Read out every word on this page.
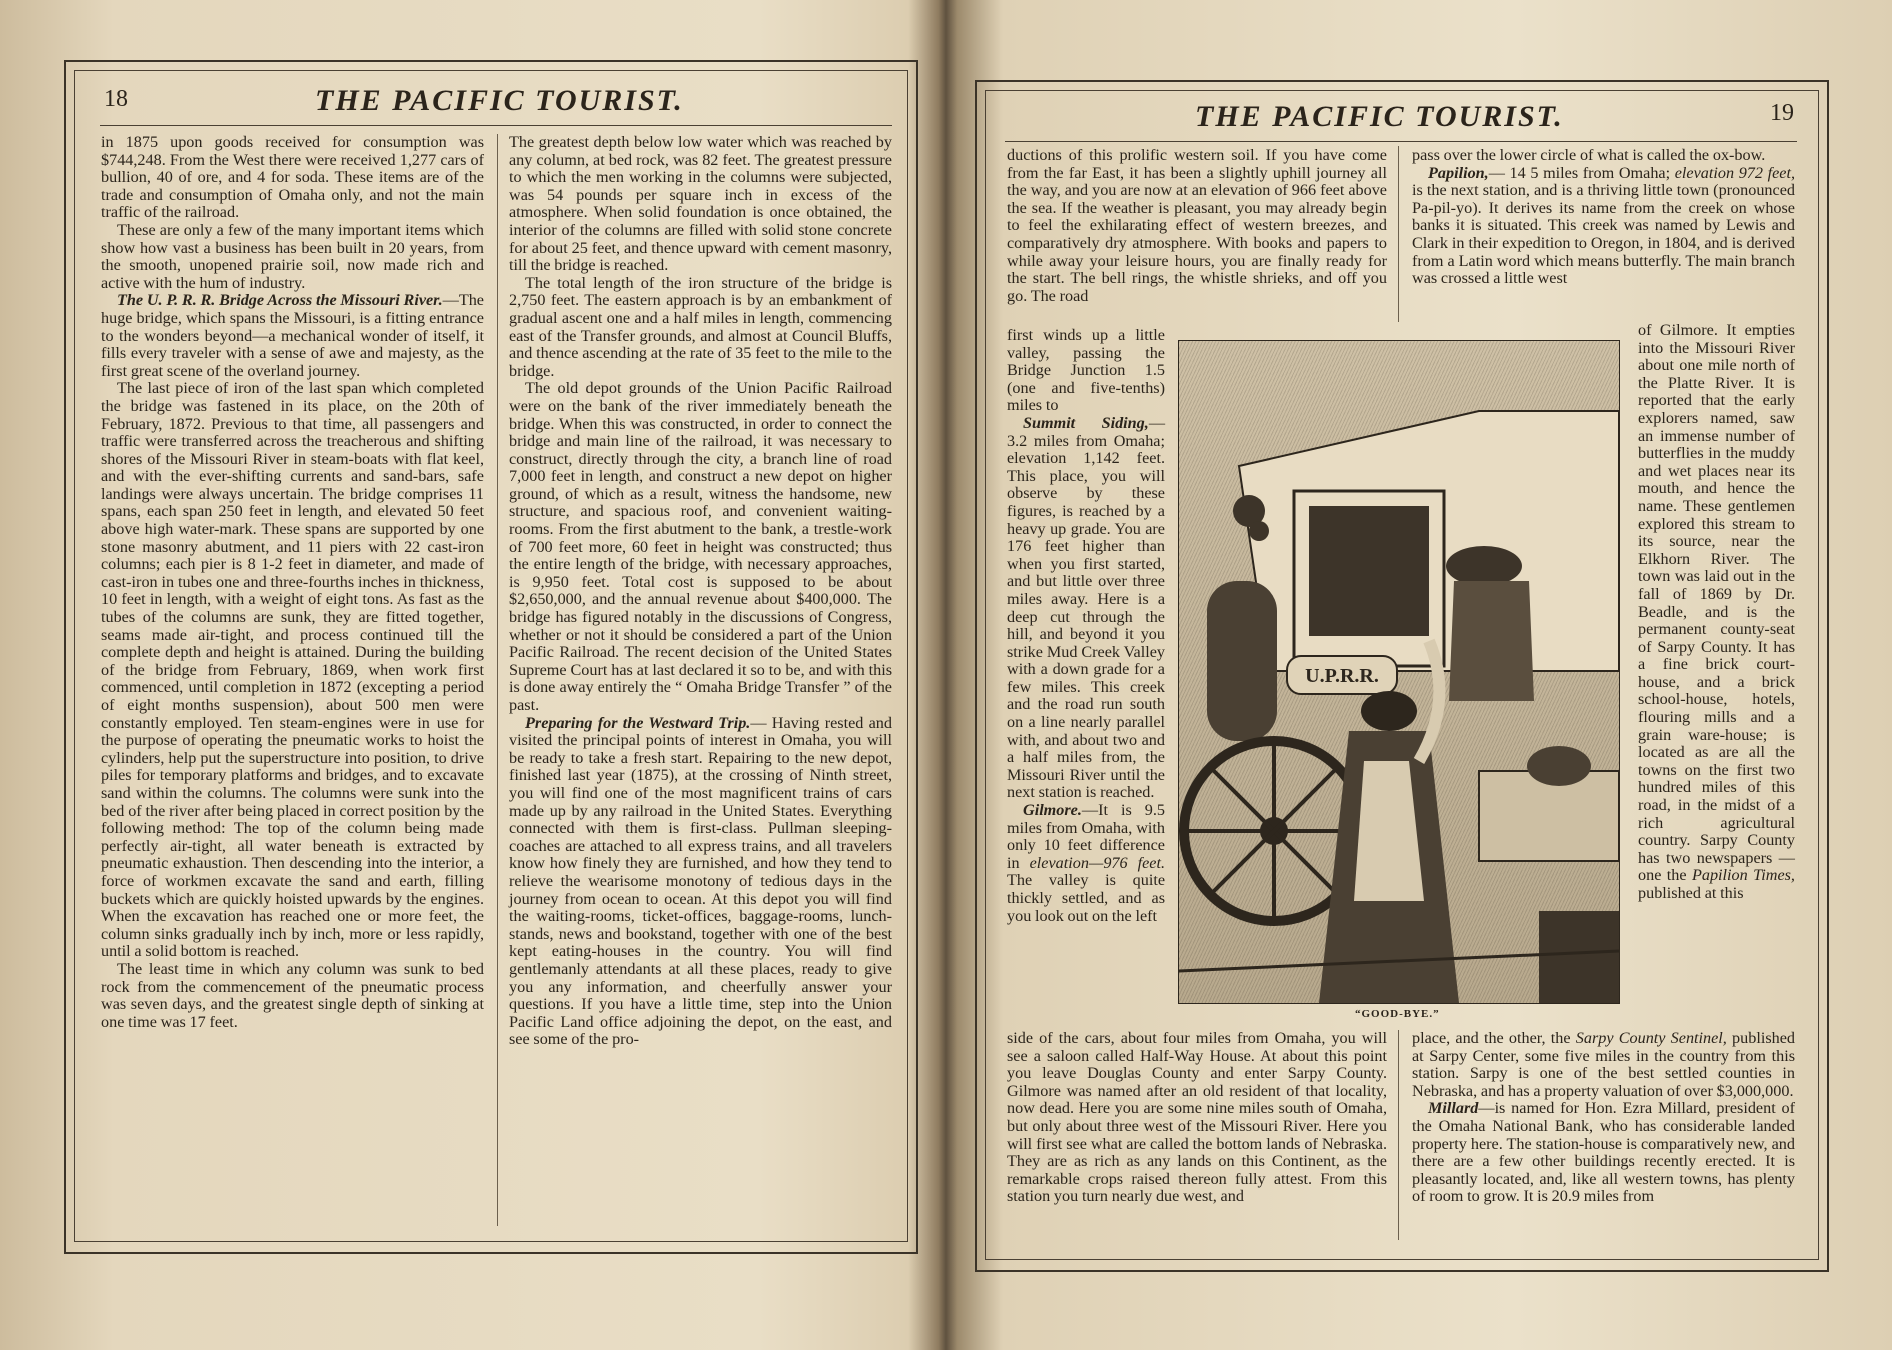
18	THE PACIFIC TOURIST.

in 1875 upon goods received for consumption was $744,248. From the West there were received 1,277 cars of bullion, 40 of ore, and 4 for soda. These items are of the trade and consumption of Omaha only, and not the main traffic of the railroad.

These are only a few of the many important items which show how vast a business has been built in 20 years, from the smooth, unopened prairie soil, now made rich and active with the hum of industry.

The U. P. R. R. Bridge Across the Missouri River.—The huge bridge, which spans the Missouri, is a fitting entrance to the wonders beyond—a mechanical wonder of itself, it fills every traveler with a sense of awe and majesty, as the first great scene of the overland journey.

The last piece of iron of the last span which completed the bridge was fastened in its place, on the 20th of February, 1872. Previous to that time, all passengers and traffic were transferred across the treacherous and shifting shores of the Missouri River in steam-boats with flat keel, and with the ever-shifting currents and sand-bars, safe landings were always uncertain. The bridge comprises 11 spans, each span 250 feet in length, and elevated 50 feet above high water-mark. These spans are supported by one stone masonry abutment, and 11 piers with 22 cast-iron columns; each pier is 8 1-2 feet in diameter, and made of cast-iron in tubes one and three-fourths inches in thickness, 10 feet in length, with a weight of eight tons. As fast as the tubes of the columns are sunk, they are fitted together, seams made air-tight, and process continued till the complete depth and height is attained. During the building of the bridge from February, 1869, when work first commenced, until completion in 1872 (excepting a period of eight months suspension), about 500 men were constantly employed. Ten steam-engines were in use for the purpose of operating the pneumatic works to hoist the cylinders, help put the superstructure into position, to drive piles for temporary platforms and bridges, and to excavate sand within the columns. The columns were sunk into the bed of the river after being placed in correct position by the following method: The top of the column being made perfectly air-tight, all water beneath is extracted by pneumatic exhaustion. Then descending into the interior, a force of workmen excavate the sand and earth, filling buckets which are quickly hoisted upwards by the engines. When the excavation has reached one or more feet, the column sinks gradually inch by inch, more or less rapidly, until a solid bottom is reached.

The least time in which any column was sunk to bed rock from the commencement of the pneumatic process was seven days, and the greatest single depth of sinking at one time was 17 feet.

The greatest depth below low water which was reached by any column, at bed rock, was 82 feet. The greatest pressure to which the men working in the columns were subjected, was 54 pounds per square inch in excess of the atmosphere. When solid foundation is once obtained, the interior of the columns are filled with solid stone concrete for about 25 feet, and thence upward with cement masonry, till the bridge is reached.

The total length of the iron structure of the bridge is 2,750 feet. The eastern approach is by an embankment of gradual ascent one and a half miles in length, commencing east of the Transfer grounds, and almost at Council Bluffs, and thence ascending at the rate of 35 feet to the mile to the bridge.

The old depot grounds of the Union Pacific Railroad were on the bank of the river immediately beneath the bridge. When this was constructed, in order to connect the bridge and main line of the railroad, it was necessary to construct, directly through the city, a branch line of road 7,000 feet in length, and construct a new depot on higher ground, of which as a result, witness the handsome, new structure, and spacious roof, and convenient waiting-rooms. From the first abutment to the bank, a trestle-work of 700 feet more, 60 feet in height was constructed; thus the entire length of the bridge, with necessary approaches, is 9,950 feet. Total cost is supposed to be about $2,650,000, and the annual revenue about $400,000. The bridge has figured notably in the discussions of Congress, whether or not it should be considered a part of the Union Pacific Railroad. The recent decision of the United States Supreme Court has at last declared it so to be, and with this is done away entirely the “ Omaha Bridge Transfer ” of the past.

Preparing for the Westward Trip.— Having rested and visited the principal points of interest in Omaha, you will be ready to take a fresh start. Repairing to the new depot, finished last year (1875), at the crossing of Ninth street, you will find one of the most magnificent trains of cars made up by any railroad in the United States. Everything connected with them is first-class. Pullman sleeping-coaches are attached to all express trains, and all travelers know how finely they are furnished, and how they tend to relieve the wearisome monotony of tedious days in the journey from ocean to ocean. At this depot you will find the waiting-rooms, ticket-offices, baggage-rooms, lunch-stands, news and bookstand, together with one of the best kept eating-houses in the country. You will find gentlemanly attendants at all these places, ready to give you any information, and cheerfully answer your questions. If you have a little time, step into the Union Pacific Land office adjoining the depot, on the east, and see some of the pro-

THE PACIFIC TOURIST.	19

ductions of this prolific western soil. If you have come from the far East, it has been a slightly uphill journey all the way, and you are now at an elevation of 966 feet above the sea. If the weather is pleasant, you may already begin to feel the exhilarating effect of western breezes, and comparatively dry atmosphere. With books and papers to while away your leisure hours, you are finally ready for the start. The bell rings, the whistle shrieks, and off you go. The road

pass over the lower circle of what is called the ox-bow.

Papilion,— 14 5 miles from Omaha; elevation 972 feet, is the next station, and is a thriving little town (pronounced Pa-pil-yo). It derives its name from the creek on whose banks it is situated. This creek was named by Lewis and Clark in their expedition to Oregon, in 1804, and is derived from a Latin word which means butterfly. The main branch was crossed a little west

first winds up a little valley, passing the Bridge Junction 1.5 (one and five-tenths) miles to

Summit Siding,— 3.2 miles from Omaha; elevation 1,142 feet. This place, you will observe by these figures, is reached by a heavy up grade. You are 176 feet higher than when you first started, and but little over three miles away. Here is a deep cut through the hill, and beyond it you strike Mud Creek Valley with a down grade for a few miles. This creek and the road run south on a line nearly parallel with, and about two and a half miles from, the Missouri River until the next station is reached.

Gilmore.—It is 9.5 miles from Omaha, with only 10 feet difference in elevation—976 feet. The valley is quite thickly settled, and as you look out on the left

U.P.R.R.
“GOOD-BYE.”

of Gilmore. It empties into the Missouri River about one mile north of the Platte River. It is reported that the early explorers named, saw an immense number of butterflies in the muddy and wet places near its mouth, and hence the name. These gentlemen explored this stream to its source, near the Elkhorn River. The town was laid out in the fall of 1869 by Dr. Beadle, and is the permanent county-seat of Sarpy County. It has a fine brick court-house, and a brick school-house, hotels, flouring mills and a grain ware-house; is located as are all the towns on the first two hundred miles of this road, in the midst of a rich agricultural country. Sarpy County has two newspapers — one the Papilion Times, published at this

side of the cars, about four miles from Omaha, you will see a saloon called Half-Way House. At about this point you leave Douglas County and enter Sarpy County. Gilmore was named after an old resident of that locality, now dead. Here you are some nine miles south of Omaha, but only about three west of the Missouri River. Here you will first see what are called the bottom lands of Nebraska. They are as rich as any lands on this Continent, as the remarkable crops raised thereon fully attest. From this station you turn nearly due west, and

place, and the other, the Sarpy County Sentinel, published at Sarpy Center, some five miles in the country from this station. Sarpy is one of the best settled counties in Nebraska, and has a property valuation of over $3,000,000.

Millard—is named for Hon. Ezra Millard, president of the Omaha National Bank, who has considerable landed property here. The station-house is comparatively new, and there are a few other buildings recently erected. It is pleasantly located, and, like all western towns, has plenty of room to grow. It is 20.9 miles from
